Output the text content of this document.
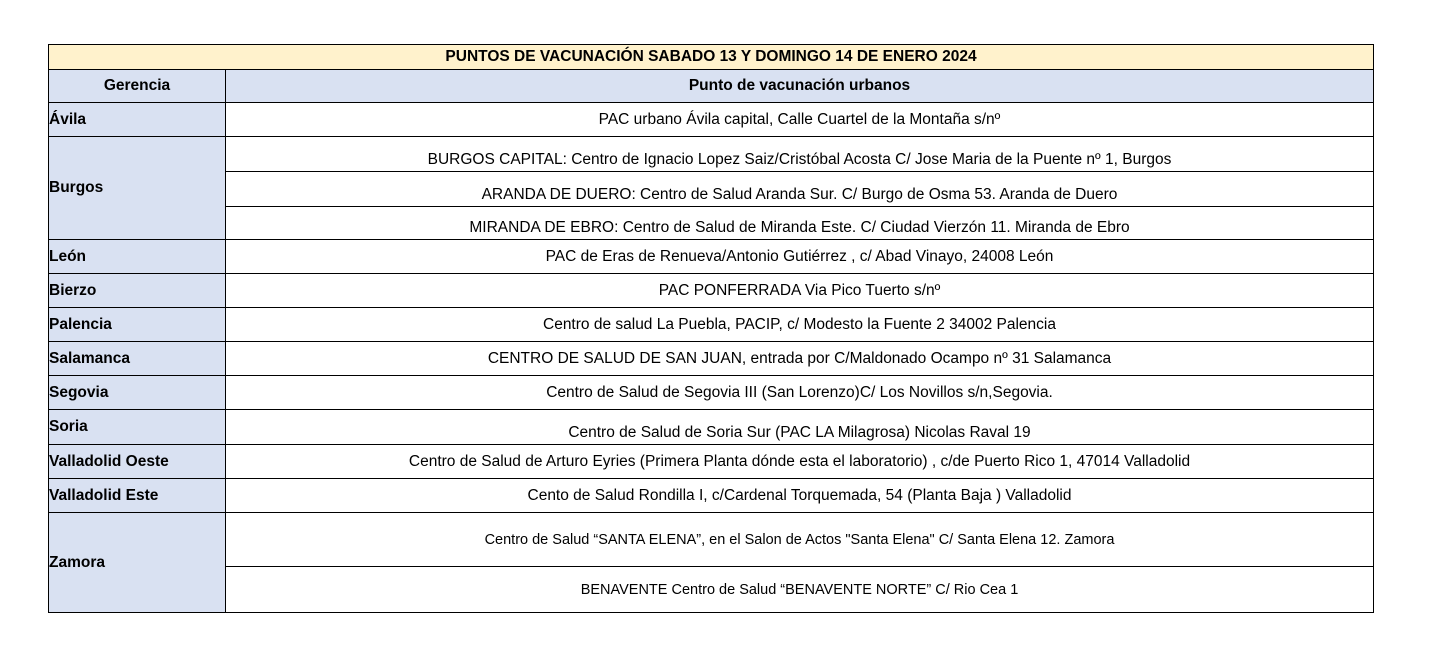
PUNTOS DE VACUNACIÓN SABADO 13 Y DOMINGO 14 DE ENERO 2024	
Gerencia	Punto de vacunación urbanos
Ávila	PAC urbano Ávila capital, Calle Cuartel de la Montaña s/nº
Burgos	BURGOS CAPITAL: Centro de Ignacio Lopez Saiz/Cristóbal Acosta C/ Jose Maria de la Puente nº 1, Burgos
	ARANDA DE DUERO: Centro de Salud Aranda Sur. C/ Burgo de Osma 53. Aranda de Duero
	MIRANDA DE EBRO: Centro de Salud de Miranda Este. C/ Ciudad Vierzón 11. Miranda de Ebro
León	PAC de Eras de Renueva/Antonio Gutiérrez , c/ Abad Vinayo, 24008 León
Bierzo	PAC PONFERRADA Via Pico Tuerto s/nº
Palencia	Centro de salud La Puebla, PACIP, c/ Modesto la Fuente 2 34002 Palencia
Salamanca	CENTRO DE SALUD DE SAN JUAN, entrada por C/Maldonado Ocampo nº 31 Salamanca
Segovia	Centro de Salud de Segovia III (San Lorenzo)C/ Los Novillos s/n,Segovia.
Soria	Centro de Salud de Soria Sur (PAC LA Milagrosa) Nicolas Raval 19
Valladolid Oeste	Centro de Salud de Arturo Eyries (Primera Planta dónde esta el laboratorio) , c/de Puerto Rico 1, 47014 Valladolid
Valladolid Este	Cento de Salud Rondilla I, c/Cardenal Torquemada, 54 (Planta Baja ) Valladolid
Zamora	Centro de Salud “SANTA ELENA”, en el Salon de Actos "Santa Elena" C/ Santa Elena 12. Zamora
	BENAVENTE Centro de Salud “BENAVENTE NORTE” C/ Rio Cea 1
